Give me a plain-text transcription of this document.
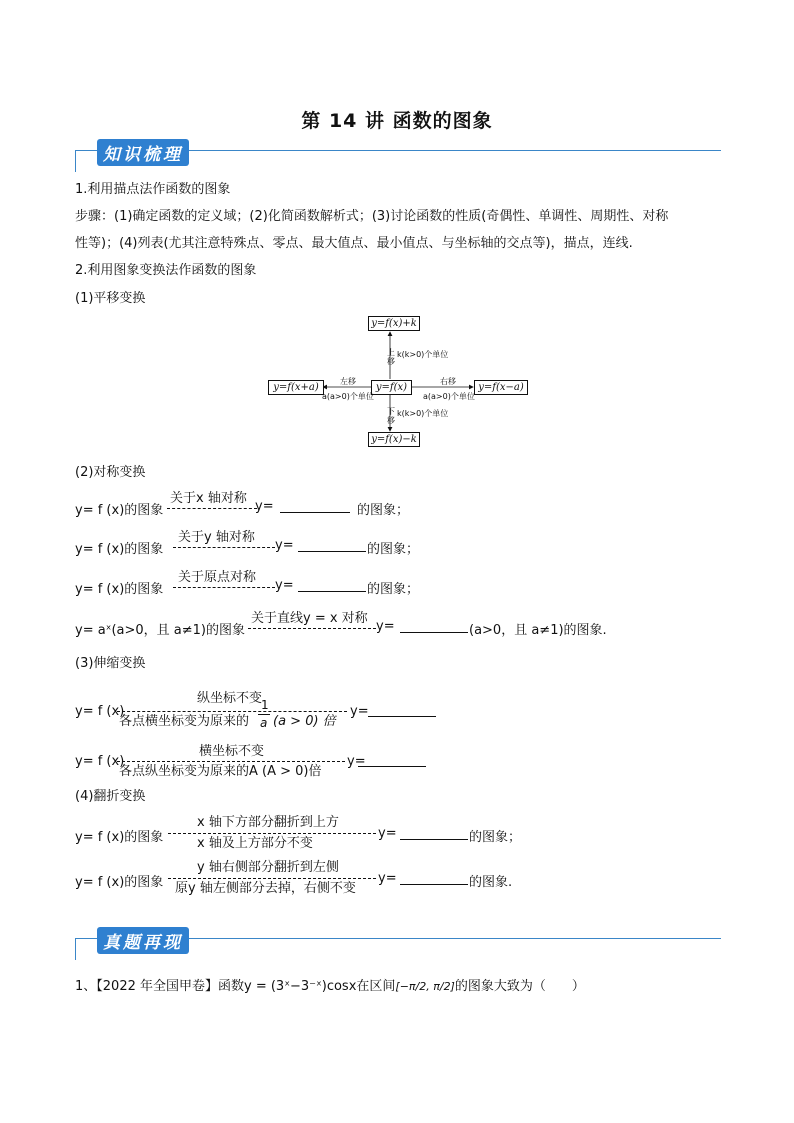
第 14 讲 函数的图象
知识梳理
1.利用描点法作函数的图象
步骤：(1)确定函数的定义域；(2)化简函数解析式；(3)讨论函数的性质(奇偶性、单调性、周期性、对称
性等)；(4)列表(尤其注意特殊点、零点、最大值点、最小值点、与坐标轴的交点等)，描点，连线.
2.利用图象变换法作函数的图象
(1)平移变换
y=f(x)+k
y=f(x)
y=f(x)−k
y=f(x+a)	y=f(x−a)
上移
k(k>0)个单位
下移
k(k>0)个单位
左移
a(a>0)个单位
右移
a(a>0)个单位
(2)对称变换
y= f (x)的图象
关于x 轴对称
y=	的图象；
y= f (x)的图象
关于y 轴对称
y=	的图象；
y= f (x)的图象
关于原点对称
y=	的图象；
y= aˣ(a>0，且 a≠1)的图象
关于直线y = x 对称
y=	(a>0，且 a≠1)的图象.
(3)伸缩变换
y= f (x)
纵坐标不变
各点横坐标变为原来的
1
a (a > 0) 倍
y=
y= f (x)
横坐标不变
各点纵坐标变为原来的A (A > 0)倍
y=
(4)翻折变换
y= f (x)的图象
x 轴下方部分翻折到上方
x 轴及上方部分不变
y=	的图象；
y= f (x)的图象
y 轴右侧部分翻折到左侧
原y 轴左侧部分去掉，右侧不变
y=	的图象.
真题再现
1、【2022 年全国甲卷】函数y = (3ˣ−3⁻ˣ)cosx在区间[−π/2, π/2]的图象大致为（　　）
